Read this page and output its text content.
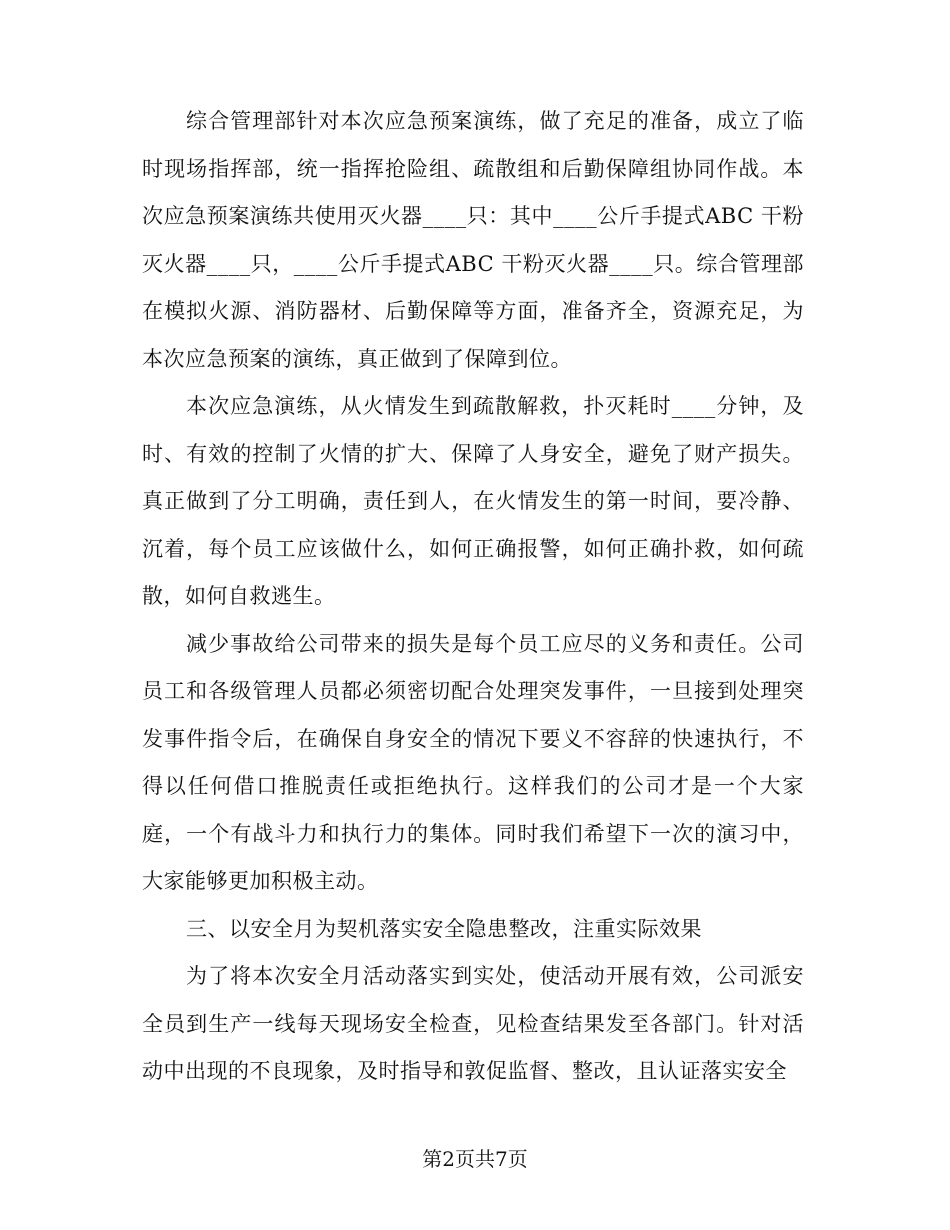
综合管理部针对本次应急预案演练，做了充足的准备，成立了临时现场指挥部，统一指挥抢险组、疏散组和后勤保障组协同作战。本次应急预案演练共使用灭火器____只：其中____公斤手提式ABC 干粉灭火器____只，____公斤手提式ABC 干粉灭火器____只。综合管理部在模拟火源、消防器材、后勤保障等方面，准备齐全，资源充足，为本次应急预案的演练，真正做到了保障到位。

本次应急演练，从火情发生到疏散解救，扑灭耗时____分钟，及时、有效的控制了火情的扩大、保障了人身安全，避免了财产损失。真正做到了分工明确，责任到人，在火情发生的第一时间，要冷静、沉着，每个员工应该做什么，如何正确报警，如何正确扑救，如何疏散，如何自救逃生。

减少事故给公司带来的损失是每个员工应尽的义务和责任。公司员工和各级管理人员都必须密切配合处理突发事件，一旦接到处理突发事件指令后，在确保自身安全的情况下要义不容辞的快速执行，不得以任何借口推脱责任或拒绝执行。这样我们的公司才是一个大家庭，一个有战斗力和执行力的集体。同时我们希望下一次的演习中，大家能够更加积极主动。

三、以安全月为契机落实安全隐患整改，注重实际效果

为了将本次安全月活动落实到实处，使活动开展有效，公司派安全员到生产一线每天现场安全检查，见检查结果发至各部门。针对活动中出现的不良现象，及时指导和敦促监督、整改，且认证落实安全

第2页共7页
